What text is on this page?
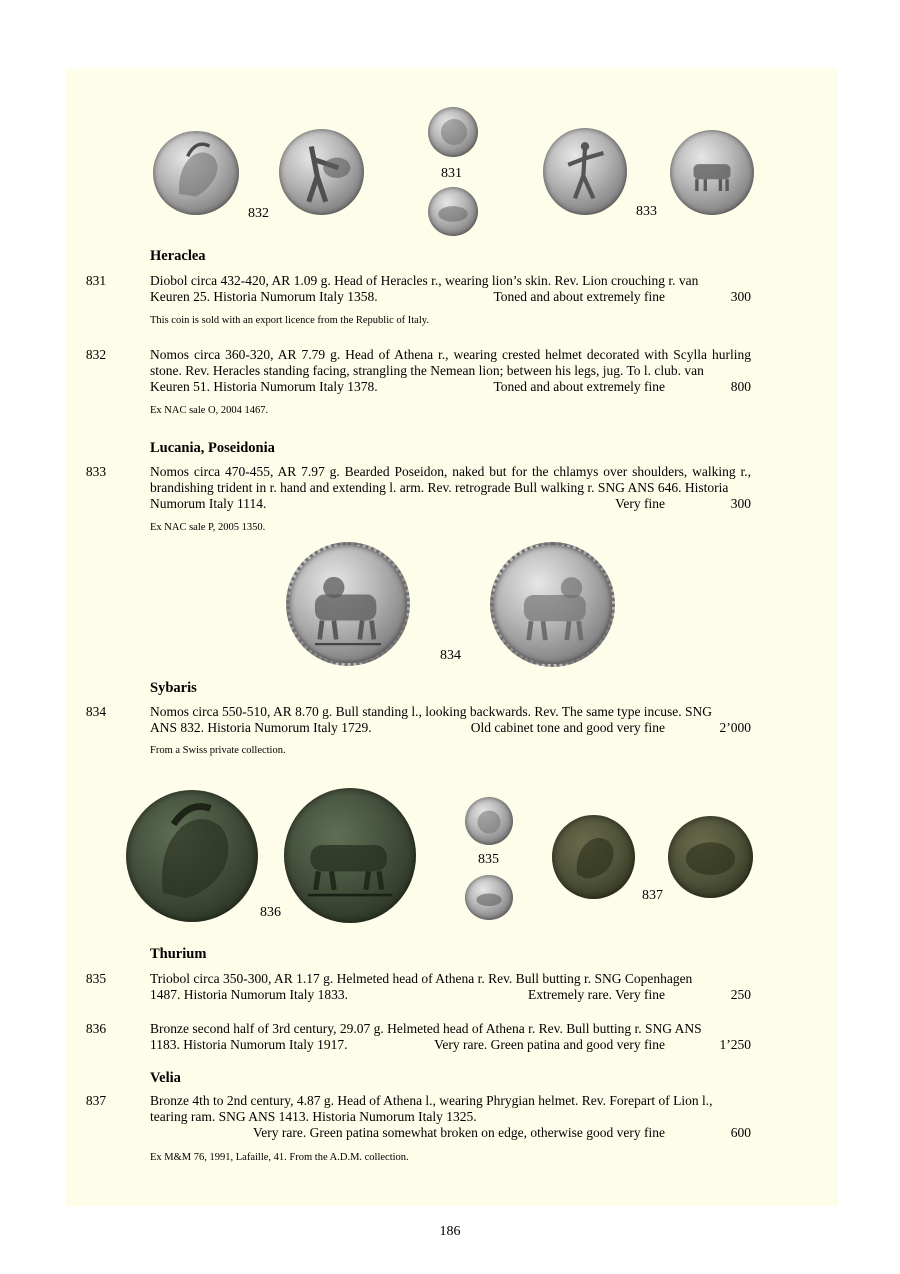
832
831
833
Heraclea
831	Diobol circa 432-420, AR 1.09 g. Head of Heracles r., wearing lion’s skin. Rev. Lion crouching r. van
Keuren 25. Historia Numorum Italy 1358.	Toned and about extremely fine	300
This coin is sold with an export licence from the Republic of Italy.
832	Nomos circa 360-320, AR 7.79 g. Head of Athena r., wearing crested helmet decorated with Scylla hurling stone. Rev. Heracles standing facing, strangling the Nemean lion; between his legs, jug. To l. club. van
Keuren 51. Historia Numorum Italy 1378.	Toned and about extremely fine	800
Ex NAC sale O, 2004 1467.
Lucania, Poseidonia
833	Nomos circa 470-455, AR 7.97 g. Bearded Poseidon, naked but for the chlamys over shoulders, walking r., brandishing trident in r. hand and extending l. arm. Rev. retrograde Bull walking r. SNG ANS 646. Historia
Numorum Italy 1114.	Very fine	300
Ex NAC sale P, 2005 1350.
834
Sybaris
834	Nomos circa 550-510, AR 8.70 g. Bull standing l., looking backwards. Rev. The same type incuse. SNG
ANS 832. Historia Numorum Italy 1729.	Old cabinet tone and good very fine	2’000
From a Swiss private collection.
836
835
837
Thurium
835	Triobol circa 350-300, AR 1.17 g. Helmeted head of Athena r. Rev. Bull butting r. SNG Copenhagen
1487. Historia Numorum Italy 1833.	Extremely rare. Very fine	250
836	Bronze second half of 3rd century, 29.07 g. Helmeted head of Athena r. Rev. Bull butting r. SNG ANS
1183. Historia Numorum Italy 1917.	Very rare. Green patina and good very fine	1’250
Velia
837	Bronze 4th to 2nd century, 4.87 g. Head of Athena l., wearing Phrygian helmet. Rev. Forepart of Lion l.,
tearing ram. SNG ANS 1413. Historia Numorum Italy 1325.
Very rare. Green patina somewhat broken on edge, otherwise good very fine	600
Ex M&M 76, 1991, Lafaille, 41. From the A.D.M. collection.
186
